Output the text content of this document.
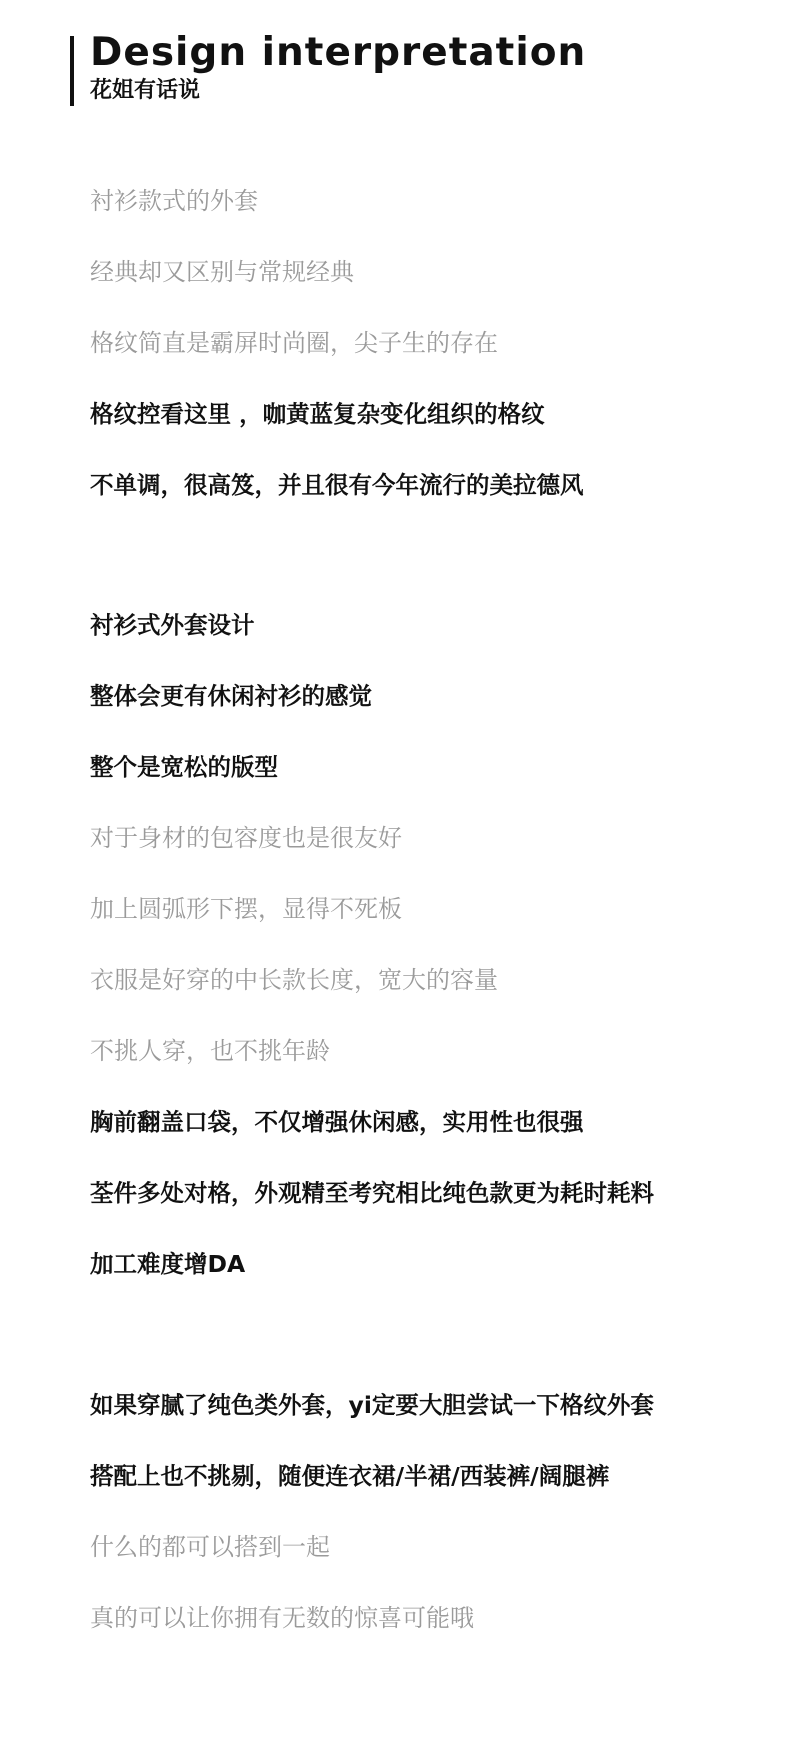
Design interpretation
花姐有话说
衬衫款式的外套
经典却又区别与常规经典
格纹简直是霸屏时尚圈，尖子生的存在
格纹控看这里 ，咖黄蓝复杂变化组织的格纹
不单调，很高笈，并且很有今年流行的美拉德风
衬衫式外套设计
整体会更有休闲衬衫的感觉
整个是宽松的版型
对于身材的包容度也是很友好
加上圆弧形下摆，显得不死板
衣服是好穿的中长款长度，宽大的容量
不挑人穿，也不挑年龄
胸前翻盖口袋，不仅增强休闲感，实用性也很强
荃件多处对格，外观精至考究相比纯色款更为耗时耗料
加工难度增DA
如果穿腻了纯色类外套，yi定要大胆尝试一下格纹外套
搭配上也不挑剔，随便连衣裙/半裙/西装裤/阔腿裤
什么的都可以搭到一起
真的可以让你拥有无数的惊喜可能哦
